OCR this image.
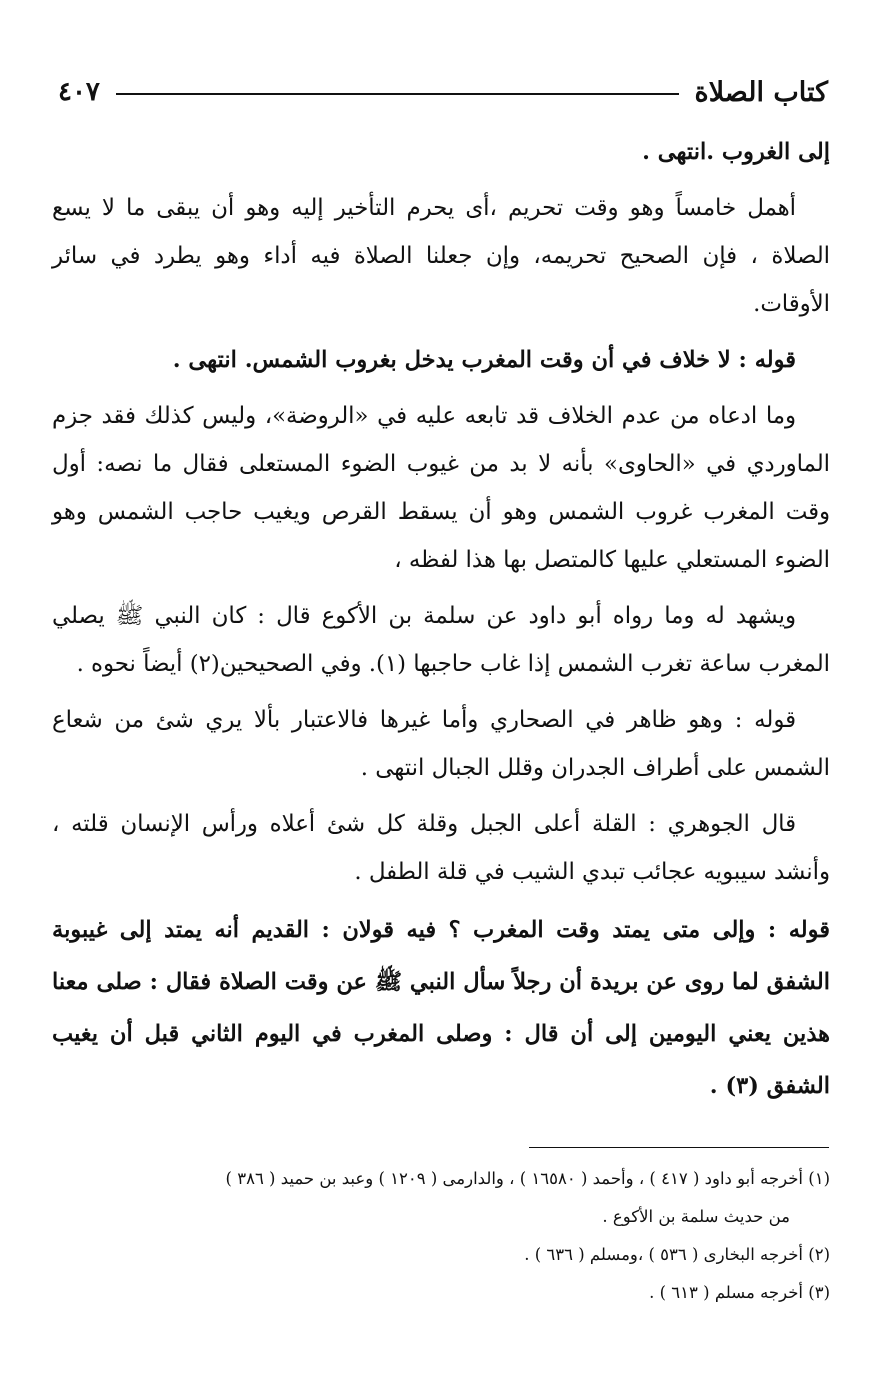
كتاب الصلاة
٤٠٧

إلى الغروب .انتهى .

أهمل خامساً وهو وقت تحريم ،أى يحرم التأخير إليه وهو أن يبقى ما لا يسع الصلاة ، فإن الصحيح تحريمه، وإن جعلنا الصلاة فيه أداء وهو يطرد في سائر الأوقات.

قوله : لا خلاف في أن وقت المغرب يدخل بغروب الشمس. انتهى .

وما ادعاه من عدم الخلاف قد تابعه عليه في «الروضة»، وليس كذلك فقد جزم الماوردي في «الحاوى» بأنه لا بد من غيوب الضوء المستعلى فقال ما نصه: أول وقت المغرب غروب الشمس وهو أن يسقط القرص ويغيب حاجب الشمس وهو الضوء المستعلي عليها كالمتصل بها هذا لفظه ،

ويشهد له وما رواه أبو داود عن سلمة بن الأكوع قال : كان النبي ﷺ يصلي المغرب ساعة تغرب الشمس إذا غاب حاجبها (١). وفي الصحيحين(٢) أيضاً نحوه .

قوله : وهو ظاهر في الصحاري وأما غيرها فالاعتبار بألا يري شئ من شعاع الشمس على أطراف الجدران وقلل الجبال انتهى .

قال الجوهري : القلة أعلى الجبل وقلة كل شئ أعلاه ورأس الإنسان قلته ، وأنشد سيبويه عجائب تبدي الشيب في قلة الطفل .

قوله : وإلى متى يمتد وقت المغرب ؟ فيه قولان : القديم أنه يمتد إلى غيبوبة الشفق لما روى عن بريدة أن رجلاً سأل النبي ﷺ عن وقت الصلاة فقال : صلى معنا هذين يعني اليومين إلى أن قال : وصلى المغرب في اليوم الثاني قبل أن يغيب الشفق (٣) .

(١) أخرجه أبو داود ( ٤١٧ ) ، وأحمد ( ١٦٥٨٠ ) ، والدارمى ( ١٢٠٩ ) وعبد بن حميد ( ٣٨٦ )

من حديث سلمة بن الأكوع .

(٢) أخرجه البخارى ( ٥٣٦ ) ،ومسلم ( ٦٣٦ ) .

(٣) أخرجه مسلم ( ٦١٣ ) .
